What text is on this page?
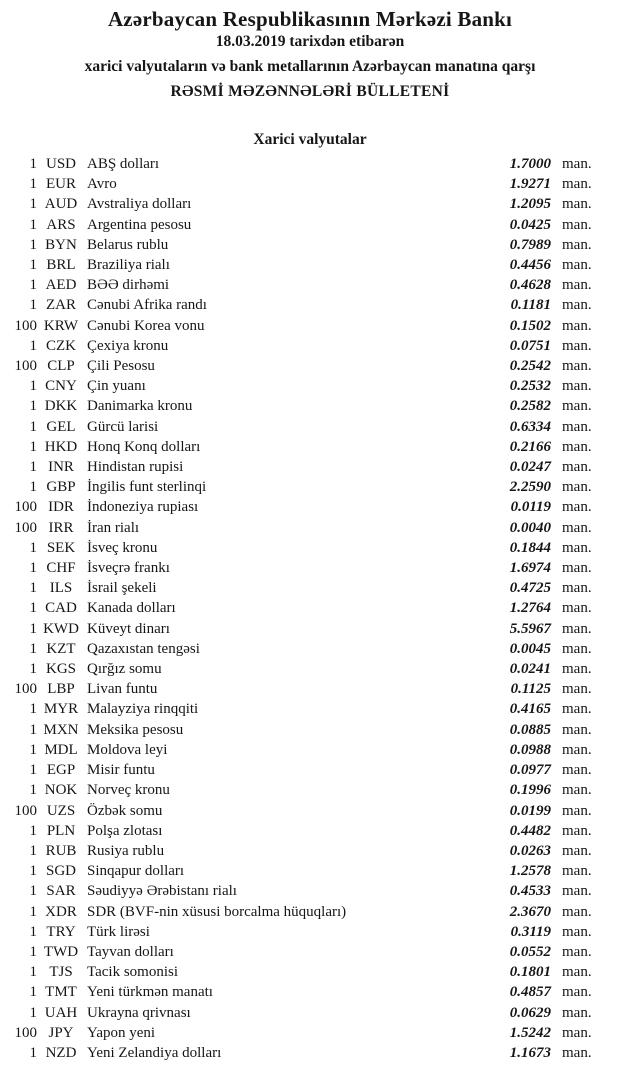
Azərbaycan Respublikasının Mərkəzi Bankı

18.03.2019 tarixdən etibarən

xarici valyutaların və bank metallarının Azərbaycan manatına qarşı

RƏSMİ MƏZƏNNƏLƏRİ BÜLLETENİ

Xarici valyutalar
1 USD ABŞ dolları	1.7000 man.
1 EUR Avro	1.9271 man.
1 AUD Avstraliya dolları	1.2095 man.
1 ARS Argentina pesosu	0.0425 man.
1 BYN Belarus rublu	0.7989 man.
1 BRL Braziliya rialı	0.4456 man.
1 AED BƏƏ dirhəmi	0.4628 man.
1 ZAR Cənubi Afrika randı	0.1181 man.
100 KRW Cənubi Korea vonu	0.1502 man.
1 CZK Çexiya kronu	0.0751 man.
100 CLP Çili Pesosu	0.2542 man.
1 CNY Çin yuanı	0.2532 man.
1 DKK Danimarka kronu	0.2582 man.
1 GEL Gürcü larisi	0.6334 man.
1 HKD Honq Konq dolları	0.2166 man.
1 INR Hindistan rupisi	0.0247 man.
1 GBP İngilis funt sterlinqi	2.2590 man.
100 IDR İndoneziya rupiası	0.0119 man.
100 IRR İran rialı	0.0040 man.
1 SEK İsveç kronu	0.1844 man.
1 CHF İsveçrə frankı	1.6974 man.
1 ILS İsrail şekeli	0.4725 man.
1 CAD Kanada dolları	1.2764 man.
1 KWD Küveyt dinarı	5.5967 man.
1 KZT Qazaxıstan tengəsi	0.0045 man.
1 KGS Qırğız somu	0.0241 man.
100 LBP Livan funtu	0.1125 man.
1 MYR Malayziya rinqqiti	0.4165 man.
1 MXN Meksika pesosu	0.0885 man.
1 MDL Moldova leyi	0.0988 man.
1 EGP Misir funtu	0.0977 man.
1 NOK Norveç kronu	0.1996 man.
100 UZS Özbək somu	0.0199 man.
1 PLN Polşa zlotası	0.4482 man.
1 RUB Rusiya rublu	0.0263 man.
1 SGD Sinqapur dolları	1.2578 man.
1 SAR Səudiyyə Ərəbistanı rialı	0.4533 man.
1 XDR SDR (BVF-nin xüsusi borcalma hüquqları)	2.3670 man.
1 TRY Türk lirəsi	0.3119 man.
1 TWD Tayvan dolları	0.0552 man.
1 TJS Tacik somonisi	0.1801 man.
1 TMT Yeni türkmən manatı	0.4857 man.
1 UAH Ukrayna qrivnası	0.0629 man.
100 JPY Yapon yeni	1.5242 man.
1 NZD Yeni Zelandiya dolları	1.1673 man.
